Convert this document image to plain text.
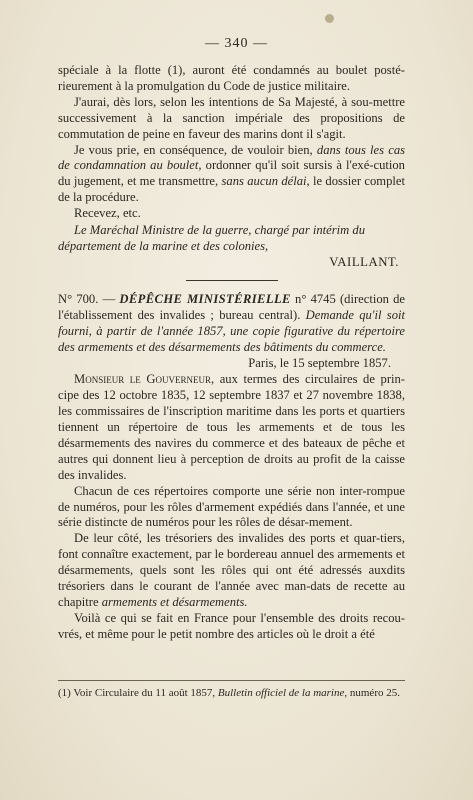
— 340 —

spéciale à la flotte (1), auront été condamnés au boulet posté-rieurement à la promulgation du Code de justice militaire.

J'aurai, dès lors, selon les intentions de Sa Majesté, à sou-mettre successivement à la sanction impériale des propositions de commutation de peine en faveur des marins dont il s'agit.

Je vous prie, en conséquence, de vouloir bien, dans tous les cas de condamnation au boulet, ordonner qu'il soit sursis à l'exé-cution du jugement, et me transmettre, sans aucun délai, le dossier complet de la procédure.

Recevez, etc.

Le Maréchal Ministre de la guerre, chargé par intérim du département de la marine et des colonies,

VAILLANT.

N° 700. — DÉPÊCHE MINISTÉRIELLE n° 4745 (direction de l'établissement des invalides ; bureau central). Demande qu'il soit fourni, à partir de l'année 1857, une copie figurative du répertoire des armements et des désarmements des bâtiments du commerce.

Paris, le 15 septembre 1857.

Monsieur le Gouverneur, aux termes des circulaires de prin-cipe des 12 octobre 1835, 12 septembre 1837 et 27 novembre 1838, les commissaires de l'inscription maritime dans les ports et quartiers tiennent un répertoire de tous les armements et de tous les désarmements des navires du commerce et des bateaux de pêche et autres qui donnent lieu à perception de droits au profit de la caisse des invalides.

Chacun de ces répertoires comporte une série non inter-rompue de numéros, pour les rôles d'armement expédiés dans l'année, et une série distincte de numéros pour les rôles de désar-mement.

De leur côté, les trésoriers des invalides des ports et quar-tiers, font connaître exactement, par le bordereau annuel des armements et désarmements, quels sont les rôles qui ont été adressés auxdits trésoriers dans le courant de l'année avec man-dats de recette au chapitre armements et désarmements.

Voilà ce qui se fait en France pour l'ensemble des droits recou-vrés, et même pour le petit nombre des articles où le droit a été

(1) Voir Circulaire du 11 août 1857, Bulletin officiel de la marine, numéro 25.
